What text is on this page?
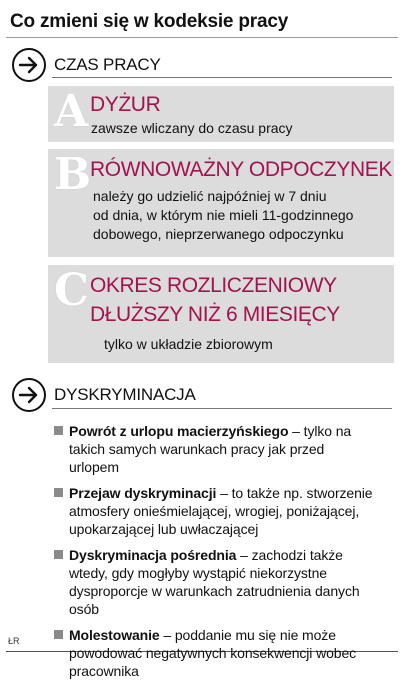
Co zmieni się w kodeksie pracy
CZAS PRACY
A DYŻUR
zawsze wliczany do czasu pracy
B
RÓWNOWAŻNY ODPOCZYNEK
należy go udzielić najpóźniej w 7 dniu
od dnia, w którym nie mieli 11-godzinnego
dobowego, nieprzerwanego odpoczynku
C OKRES ROZLICZENIOWY
DŁUŻSZY NIŻ 6 MIESIĘCY
tylko w układzie zbiorowym
DYSKRYMINACJA
Powrót z urlopu macierzyńskiego – tylko na takich samych warunkach pracy jak przed urlopem
Przejaw dyskryminacji – to także np. stworzenie atmosfery onieśmielającej, wrogiej, poniżającej, upokarzającej lub uwłaczającej
Dyskryminacja pośrednia – zachodzi także wtedy, gdy mogłyby wystąpić niekorzystne dysproporcje w warunkach zatrudnienia danych osób
Molestowanie – poddanie mu się nie może powodować negatywnych konsekwencji wobec pracownika
ŁR
